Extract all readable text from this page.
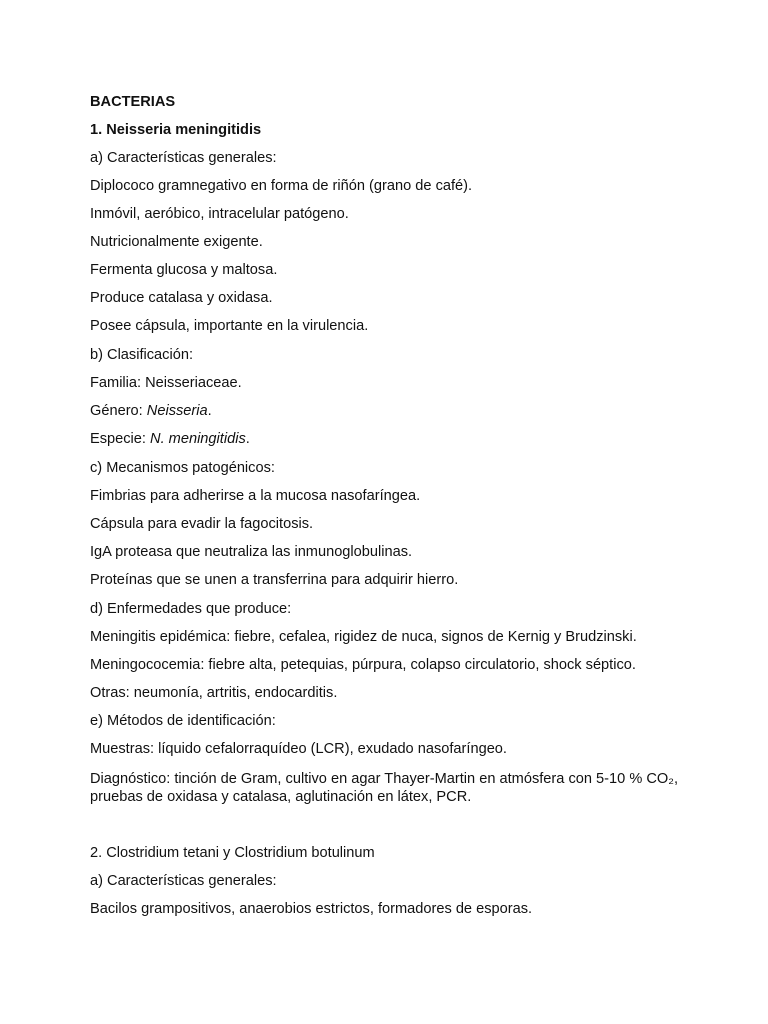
BACTERIAS
1. Neisseria meningitidis
a) Características generales:
Diplococo gramnegativo en forma de riñón (grano de café).
Inmóvil, aeróbico, intracelular patógeno.
Nutricionalmente exigente.
Fermenta glucosa y maltosa.
Produce catalasa y oxidasa.
Posee cápsula, importante en la virulencia.
b) Clasificación:
Familia: Neisseriaceae.
Género: Neisseria.
Especie: N. meningitidis.
c) Mecanismos patogénicos:
Fimbrias para adherirse a la mucosa nasofaríngea.
Cápsula para evadir la fagocitosis.
IgA proteasa que neutraliza las inmunoglobulinas.
Proteínas que se unen a transferrina para adquirir hierro.
d) Enfermedades que produce:
Meningitis epidémica: fiebre, cefalea, rigidez de nuca, signos de Kernig y Brudzinski.
Meningococemia: fiebre alta, petequias, púrpura, colapso circulatorio, shock séptico.
Otras: neumonía, artritis, endocarditis.
e) Métodos de identificación:
Muestras: líquido cefalorraquídeo (LCR), exudado nasofaríngeo.
Diagnóstico: tinción de Gram, cultivo en agar Thayer-Martin en atmósfera con 5-10 % CO₂, pruebas de oxidasa y catalasa, aglutinación en látex, PCR.
2. Clostridium tetani y Clostridium botulinum
a) Características generales:
Bacilos grampositivos, anaerobios estrictos, formadores de esporas.
